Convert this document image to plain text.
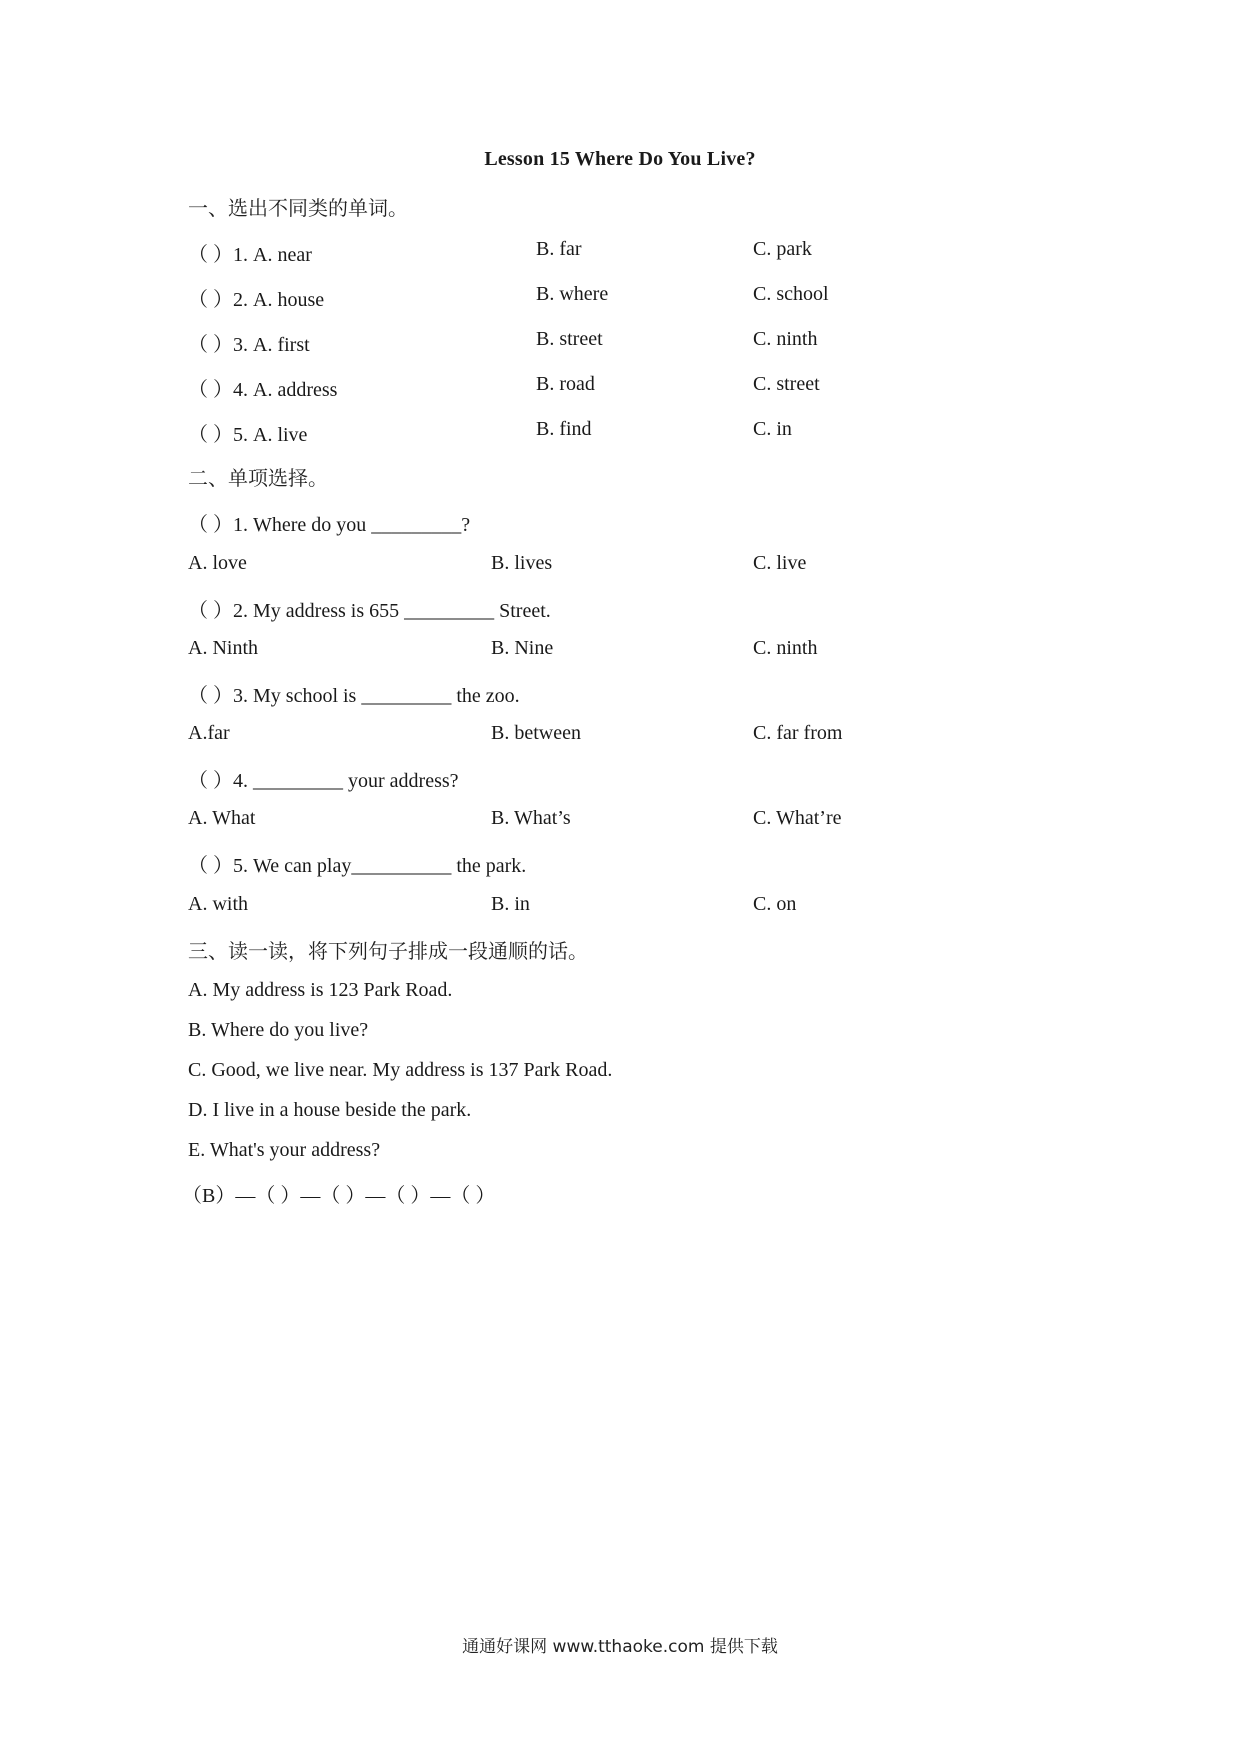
Lesson 15 Where Do You Live?
一、选出不同类的单词。
（ ）1. A. near	B. far	C. park
（ ）2. A. house	B. where	C. school
（ ）3. A. first	B. street	C. ninth
（ ）4. A. address	B. road	C. street
（ ）5. A. live	B. find	C. in
二、单项选择。
（ ）1. Where do you _________?
A. love	B. lives	C. live
（ ）2. My address is 655 _________ Street.
A. Ninth	B. Nine	C. ninth
（ ）3. My school is _________ the zoo.
A.far	B. between	C. far from
（ ）4. _________ your address?
A. What	B. What’s	C. What’re
（ ）5. We can play__________ the park.
A. with	B. in	C. on
三、读一读，将下列句子排成一段通顺的话。
A. My address is 123 Park Road.
B. Where do you live?
C. Good, we live near. My address is 137 Park Road.
D. I live in a house beside the park.
E. What's your address?
（B）—（ ）—（ ）—（ ）—（ ）
通通好课网 www.tthaoke.com 提供下载
